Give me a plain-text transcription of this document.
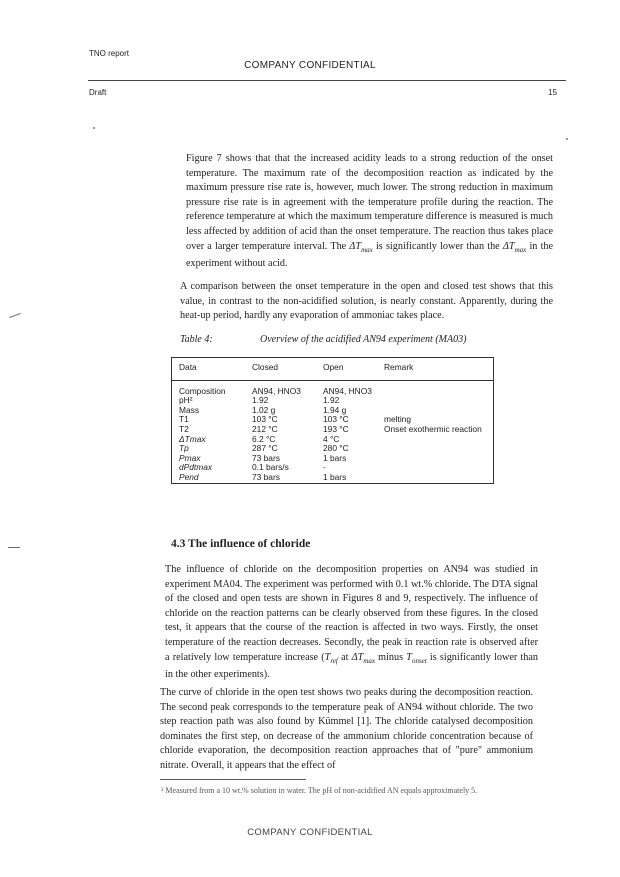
TNO report
COMPANY CONFIDENTIAL
Draft	15
Figure 7 shows that that the increased acidity leads to a strong reduction of the onset temperature. The maximum rate of the decomposition reaction as indicated by the maximum pressure rise rate is, however, much lower. The strong reduction in maximum pressure rise rate is in agreement with the temperature profile during the reaction. The reference temperature at which the maximum temperature difference is measured is much less affected by addition of acid than the onset temperature. The reaction thus takes place over a larger temperature interval. The $\Delta T_{max}$ is significantly lower than the $\Delta T_{max}$ in the experiment without acid.
A comparison between the onset temperature in the open and closed test shows that this value, in contrast to the non-acidified solution, is nearly constant. Apparently, during the heat-up period, hardly any evaporation of ammoniac takes place.
Table 4:	Overview of the acidified AN94 experiment (MA03)
Data	Closed	Open	Remark
Composition	AN94, HNO3	AN94, HNO3	
pH²	1.92	1.92	
Mass	1.02 g	1.94 g	
T1	103 °C	103 °C	melting
T2	212 °C	193 °C	Onset exothermic reaction
ΔTmax	6.2 °C	4 °C	
Tp	287 °C	280 °C	
Pmax	73 bars	1 bars	
dPdtmax	0.1 bars/s	-	
Pend	73 bars	1 bars	
4.3 The influence of chloride
The influence of chloride on the decomposition properties on AN94 was studied in experiment MA04. The experiment was performed with 0.1 wt.% chloride. The DTA signal of the closed and open tests are shown in Figures 8 and 9, respectively. The influence of chloride on the reaction patterns can be clearly observed from these figures. In the closed test, it appears that the course of the reaction is affected in two ways. Firstly, the onset temperature of the reaction decreases. Secondly, the peak in reaction rate is observed after a relatively low temperature increase ($T_{ref}$ at $\Delta T_{max}$ minus $T_{onset}$ is significantly lower than in the other experiments).
The curve of chloride in the open test shows two peaks during the decomposition reaction. The second peak corresponds to the temperature peak of AN94 without chloride. The two step reaction path was also found by Kümmel [1]. The chloride catalysed decomposition dominates the first step, on decrease of the ammonium chloride concentration because of chloride evaporation, the decomposition reaction approaches that of "pure" ammonium nitrate. Overall, it appears that the effect of
² Measured from a 10 wt.% solution in water. The pH of non-acidified AN equals approximately 5.
COMPANY CONFIDENTIAL
